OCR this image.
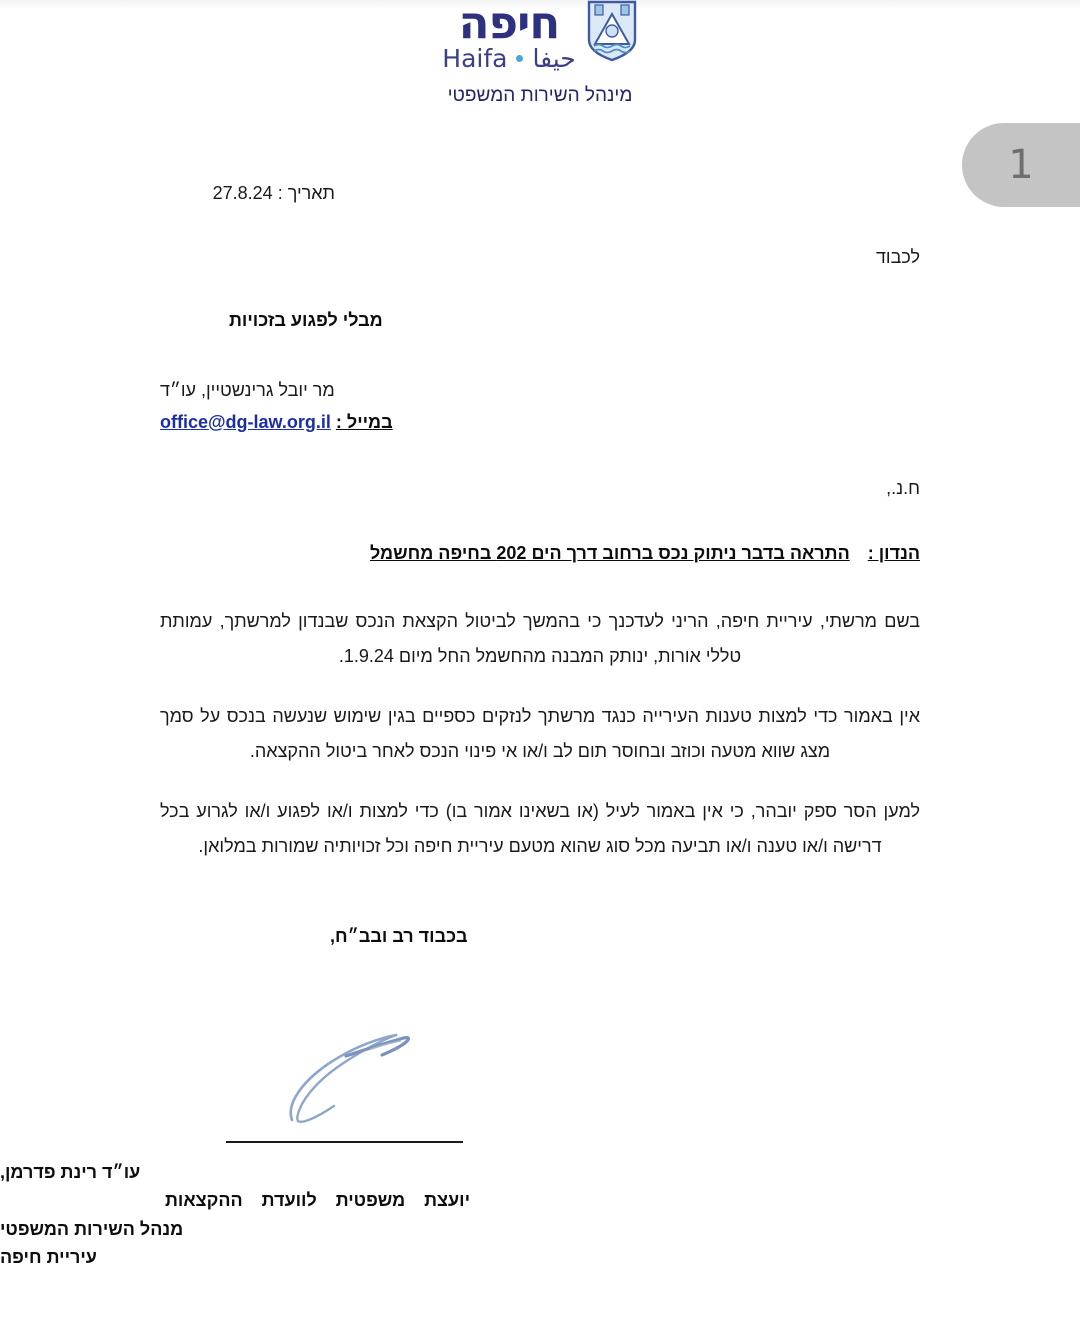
1
חיפה
Haifa حيفا
מינהל השירות המשפטי
תאריך : 27.8.24
לכבוד
מבלי לפגוע בזכויות
מר יובל גרינשטיין, עו״ד
במייל : office@dg-law.org.il
ח.נ.,
הנדון :
התראה בדבר ניתוק נכס ברחוב דרך הים 202 בחיפה מחשמל
בשם מרשתי, עיריית חיפה, הריני לעדכנך כי בהמשך לביטול הקצאת הנכס שבנדון למרשתך, עמותת טללי אורות, ינותק המבנה מהחשמל החל מיום 1.9.24.
אין באמור כדי למצות טענות העירייה כנגד מרשתך לנזקים כספיים בגין שימוש שנעשה בנכס על סמך מצג שווא מטעה וכוזב ובחוסר תום לב ו/או אי פינוי הנכס לאחר ביטול ההקצאה.
למען הסר ספק יובהר, כי אין באמור לעיל (או בשאינו אמור בו) כדי למצות ו/או לפגוע ו/או לגרוע בכל דרישה ו/או טענה ו/או תביעה מכל סוג שהוא מטעם עיריית חיפה וכל זכויותיה שמורות במלואן.
בכבוד רב ובב״ח,
עו״ד רינת פדרמן,
יועצת משפטית לוועדת ההקצאות
מנהל השירות המשפטי
עיריית חיפה
